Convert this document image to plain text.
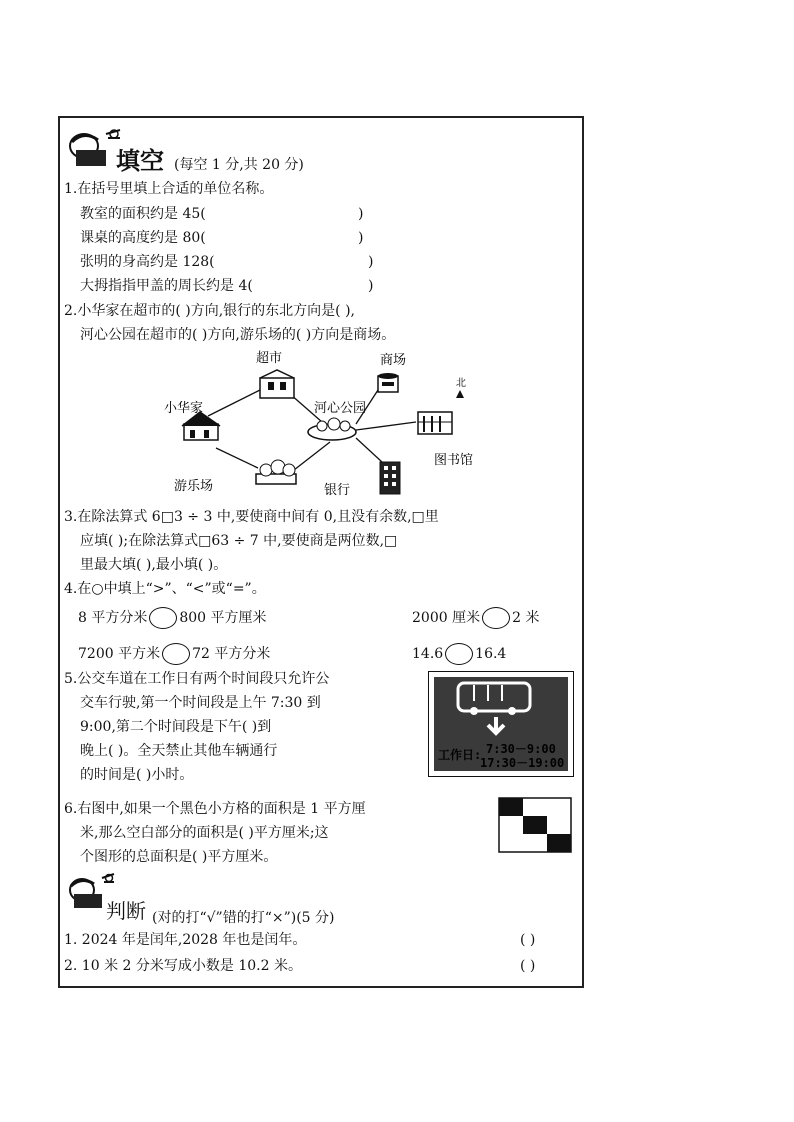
填空 (每空 1 分,共 20 分)
1.在括号里填上合适的单位名称。
教室的面积约是 45(	)
课桌的高度约是 80(	)
张明的身高约是 128(	)
大拇指指甲盖的周长约是 4(	)
2.小华家在超市的( )方向,银行的东北方向是( ),
河心公园在超市的( )方向,游乐场的( )方向是商场。
北
超市	商场
小华家	河心公园
图书馆
游乐场	银行
3.在除法算式 6□3 ÷ 3 中,要使商中间有 0,且没有余数,□里
应填( );在除法算式□63 ÷ 7 中,要使商是两位数,□
里最大填( ),最小填( )。
4.在○中填上“>”、“<”或“=”。
8 平方分米 800 平方厘米	2000 厘米 2 米
7200 平方米 72 平方分米	14.6 16.4
5.公交车道在工作日有两个时间段只允许公
交车行驶,第一个时间段是上午 7:30 到
9:00,第二个时间段是下午( )到
晚上( )。全天禁止其他车辆通行
的时间是( )小时。
工作日: 7:30－9:00
17:30－19:00
6.右图中,如果一个黑色小方格的面积是 1 平方厘
米,那么空白部分的面积是( )平方厘米;这
个图形的总面积是( )平方厘米。
判断 (对的打“√”错的打“×”)(5 分)
1. 2024 年是闰年,2028 年也是闰年。	( )
2. 10 米 2 分米写成小数是 10.2 米。	( )
